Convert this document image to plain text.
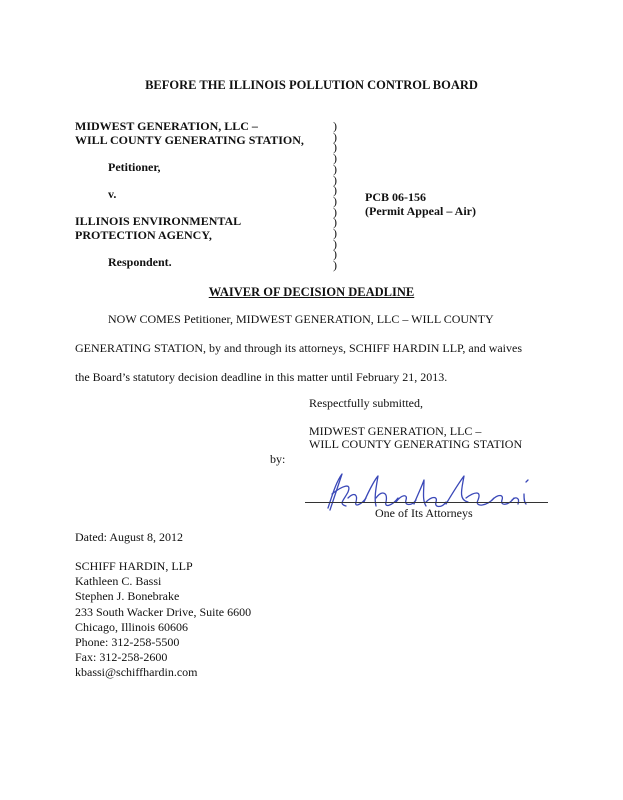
BEFORE THE ILLINOIS POLLUTION CONTROL BOARD
MIDWEST GENERATION, LLC –
WILL COUNTY GENERATING STATION,
Petitioner,
v.
ILLINOIS ENVIRONMENTAL
PROTECTION AGENCY,
Respondent.
)
)
)
)
)
)
)
)
)
)
)
)
)
)
PCB 06-156
(Permit Appeal – Air)
WAIVER OF DECISION DEADLINE
NOW COMES Petitioner, MIDWEST GENERATION, LLC – WILL COUNTY
GENERATING STATION, by and through its attorneys, SCHIFF HARDIN LLP, and waives
the Board’s statutory decision deadline in this matter until February 21, 2013.
Respectfully submitted,
MIDWEST GENERATION, LLC –
WILL COUNTY GENERATING STATION
by:
One of Its Attorneys
Dated: August 8, 2012
SCHIFF HARDIN, LLP
Kathleen C. Bassi
Stephen J. Bonebrake
233 South Wacker Drive, Suite 6600
Chicago, Illinois 60606
Phone: 312-258-5500
Fax: 312-258-2600
kbassi@schiffhardin.com
